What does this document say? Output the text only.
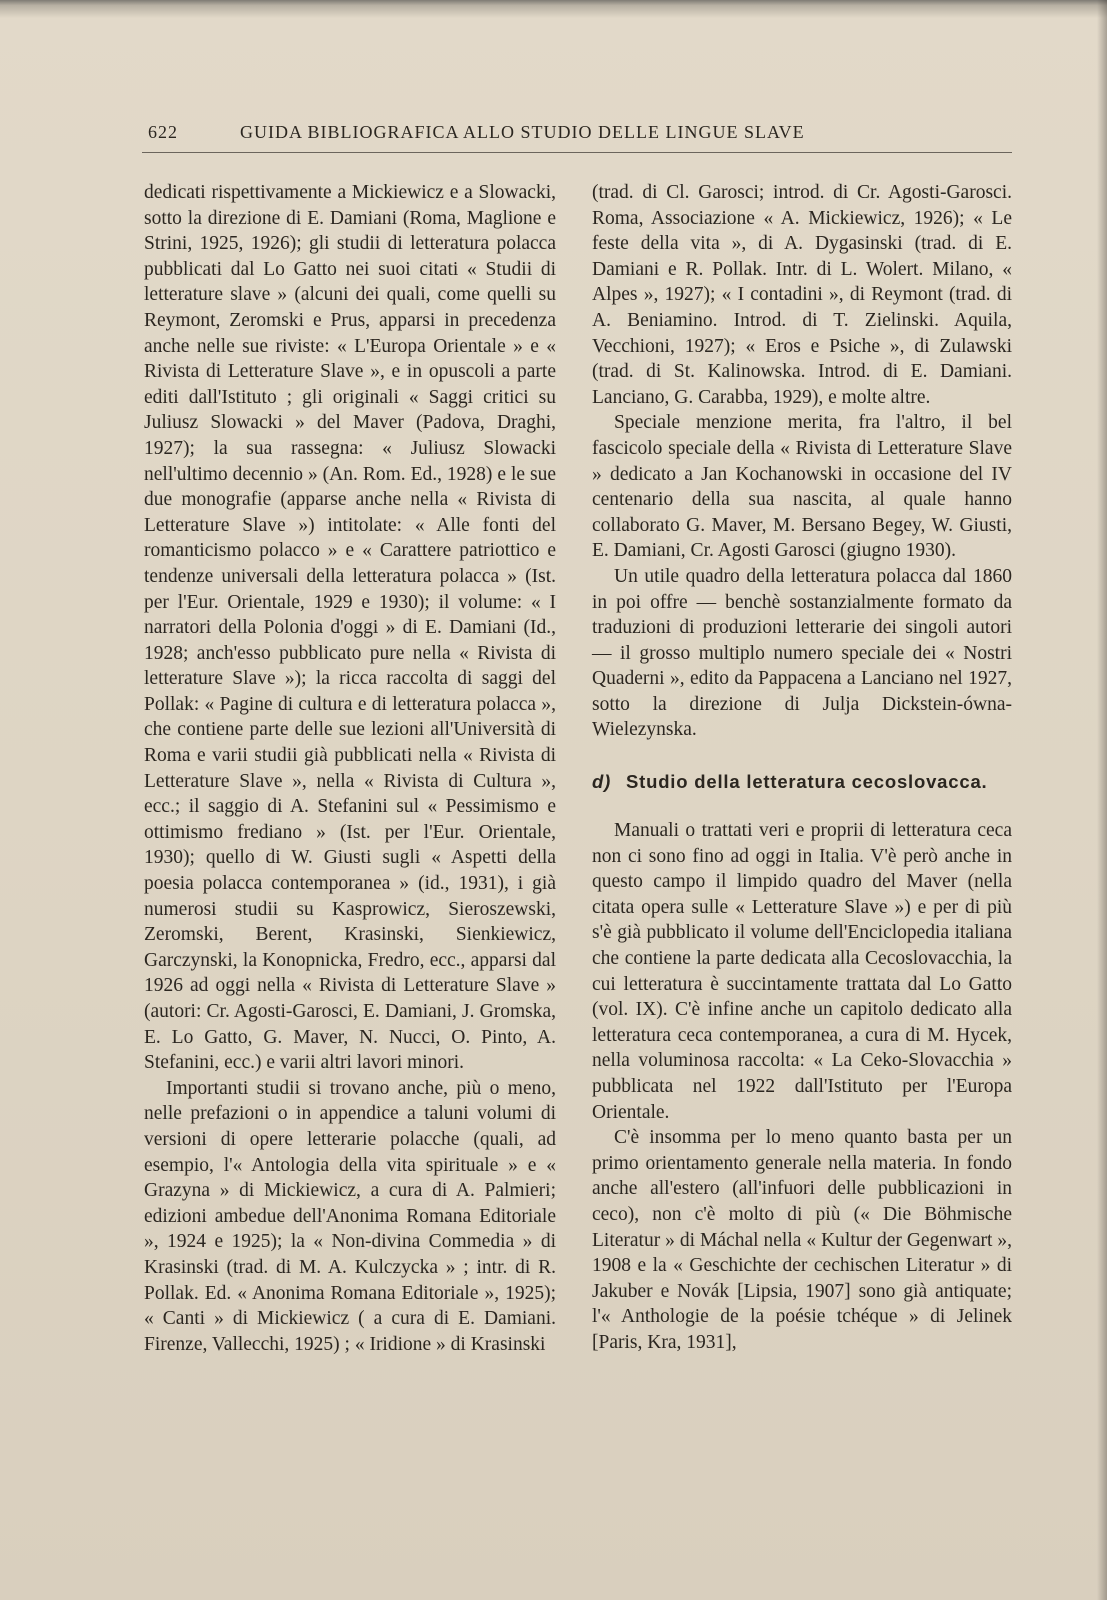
622	GUIDA BIBLIOGRAFICA ALLO STUDIO DELLE LINGUE SLAVE

dedicati rispettivamente a Mickiewicz e a Slowacki, sotto la direzione di E. Damiani (Roma, Maglione e Strini, 1925, 1926); gli studii di letteratura polacca pubblicati dal Lo Gatto nei suoi citati « Studii di letterature slave » (alcuni dei quali, come quelli su Reymont, Zeromski e Prus, apparsi in precedenza anche nelle sue riviste: « L'Europa Orientale » e « Rivista di Letterature Slave », e in opuscoli a parte editi dall'Istituto ; gli originali « Saggi critici su Juliusz Slowacki » del Maver (Padova, Draghi, 1927); la sua rassegna: « Juliusz Slowacki nell'ultimo decennio » (An. Rom. Ed., 1928) e le sue due monografie (apparse anche nella « Rivista di Letterature Slave ») intitolate: « Alle fonti del romanticismo polacco » e « Carattere patriottico e tendenze universali della letteratura polacca » (Ist. per l'Eur. Orientale, 1929 e 1930); il volume: « I narratori della Polonia d'oggi » di E. Damiani (Id., 1928; anch'esso pubblicato pure nella « Rivista di letterature Slave »); la ricca raccolta di saggi del Pollak: « Pagine di cultura e di letteratura polacca », che contiene parte delle sue lezioni all'Università di Roma e varii studii già pubblicati nella « Rivista di Letterature Slave », nella « Rivista di Cultura », ecc.; il saggio di A. Stefanini sul « Pessimismo e ottimismo frediano » (Ist. per l'Eur. Orientale, 1930); quello di W. Giusti sugli « Aspetti della poesia polacca contemporanea » (id., 1931), i già numerosi studii su Kasprowicz, Sieroszewski, Zeromski, Berent, Krasinski, Sienkiewicz, Garczynski, la Konopnicka, Fredro, ecc., apparsi dal 1926 ad oggi nella « Rivista di Letterature Slave » (autori: Cr. Agosti-Garosci, E. Damiani, J. Gromska, E. Lo Gatto, G. Maver, N. Nucci, O. Pinto, A. Stefanini, ecc.) e varii altri lavori minori.

Importanti studii si trovano anche, più o meno, nelle prefazioni o in appendice a taluni volumi di versioni di opere letterarie polacche (quali, ad esempio, l'« Antologia della vita spirituale » e « Grazyna » di Mickiewicz, a cura di A. Palmieri; edizioni ambedue dell'Anonima Romana Editoriale », 1924 e 1925); la « Non-divina Commedia » di Krasinski (trad. di M. A. Kulczycka » ; intr. di R. Pollak. Ed. « Anonima Romana Editoriale », 1925); « Canti » di Mickiewicz ( a cura di E. Damiani. Firenze, Vallecchi, 1925) ; « Iridione » di Krasinski

(trad. di Cl. Garosci; introd. di Cr. Agosti-Garosci. Roma, Associazione « A. Mickiewicz, 1926); « Le feste della vita », di A. Dygasinski (trad. di E. Damiani e R. Pollak. Intr. di L. Wolert. Milano, « Alpes », 1927); « I contadini », di Reymont (trad. di A. Beniamino. Introd. di T. Zielinski. Aquila, Vecchioni, 1927); « Eros e Psiche », di Zulawski (trad. di St. Kalinowska. Introd. di E. Damiani. Lanciano, G. Carabba, 1929), e molte altre.

Speciale menzione merita, fra l'altro, il bel fascicolo speciale della « Rivista di Letterature Slave » dedicato a Jan Kochanowski in occasione del IV centenario della sua nascita, al quale hanno collaborato G. Maver, M. Bersano Begey, W. Giusti, E. Damiani, Cr. Agosti Garosci (giugno 1930).

Un utile quadro della letteratura polacca dal 1860 in poi offre — benchè sostanzialmente formato da traduzioni di produzioni letterarie dei singoli autori — il grosso multiplo numero speciale dei « Nostri Quaderni », edito da Pappacena a Lanciano nel 1927, sotto la direzione di Julja Dickstein-ówna-Wielezynska.

d) Studio della letteratura cecoslovacca.

Manuali o trattati veri e proprii di letteratura ceca non ci sono fino ad oggi in Italia. V'è però anche in questo campo il limpido quadro del Maver (nella citata opera sulle « Letterature Slave ») e per di più s'è già pubblicato il volume dell'Enciclopedia italiana che contiene la parte dedicata alla Cecoslovacchia, la cui letteratura è succintamente trattata dal Lo Gatto (vol. IX). C'è infine anche un capitolo dedicato alla letteratura ceca contemporanea, a cura di M. Hycek, nella voluminosa raccolta: « La Ceko-Slovacchia » pubblicata nel 1922 dall'Istituto per l'Europa Orientale.

C'è insomma per lo meno quanto basta per un primo orientamento generale nella materia. In fondo anche all'estero (all'infuori delle pubblicazioni in ceco), non c'è molto di più (« Die Böhmische Literatur » di Máchal nella « Kultur der Gegenwart », 1908 e la « Geschichte der cechischen Literatur » di Jakuber e Novák [Lipsia, 1907] sono già antiquate; l'« Anthologie de la poésie tchéque » di Jelinek [Paris, Kra, 1931],
